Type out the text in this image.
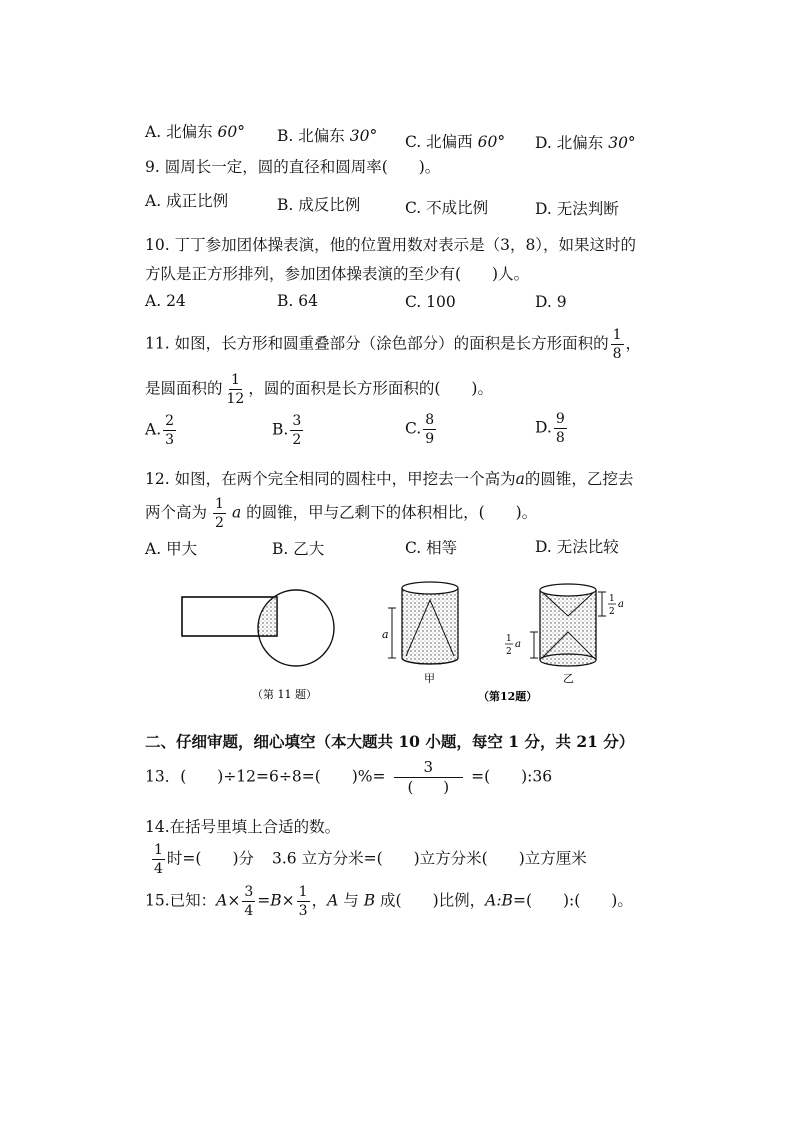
A. 北偏东 60° B. 北偏东 30° C. 北偏西 60° D. 北偏东 30°
9. 圆周长一定，圆的直径和圆周率(　　)。
A. 成正比例	B. 成反比例	C. 不成比例	D. 无法判断
10. 丁丁参加团体操表演，他的位置用数对表示是（3，8），如果这时的
方队是正方形排列，参加团体操表演的至少有(　　)人。
A. 24	B. 64	C. 100	D. 9
11. 如图，长方形和圆重叠部分（涂色部分）的面积是长方形面积的 $\frac{1}{8}$ ，
是圆面积的 $\frac{1}{12}$ ，圆的面积是长方形面积的(　　)。
A. $\frac{2}{3}$	B. $\frac{3}{2}$	C. $\frac{8}{9}$	D. $\frac{9}{8}$
12. 如图，在两个完全相同的圆柱中，甲挖去一个高为a的圆锥，乙挖去
两个高为 $\frac{1}{2}$ a 的圆锥，甲与乙剩下的体积相比，(　　)。
A. 甲大	B. 乙大	C. 相等	D. 无法比较
（第 11 题）
a
甲
1
2
a
1
2
a
乙
（第12题）
二、仔细审题，细心填空（本大题共 10 小题，每空 1 分，共 21 分）
13．(　　)÷12=6÷8=(　　)%= $\frac{3}{( )}$ =(　　):36
14.在括号里填上合适的数。
$\frac{1}{4}$ 时=(　　)分 3.6 立方分米=(　　)立方分米(　　)立方厘米
15.已知：$A\times \frac{3}{4} =B\times \frac{1}{3}$ ，A 与 B 成(　　)比例，A:B=(　　):(　　)。
